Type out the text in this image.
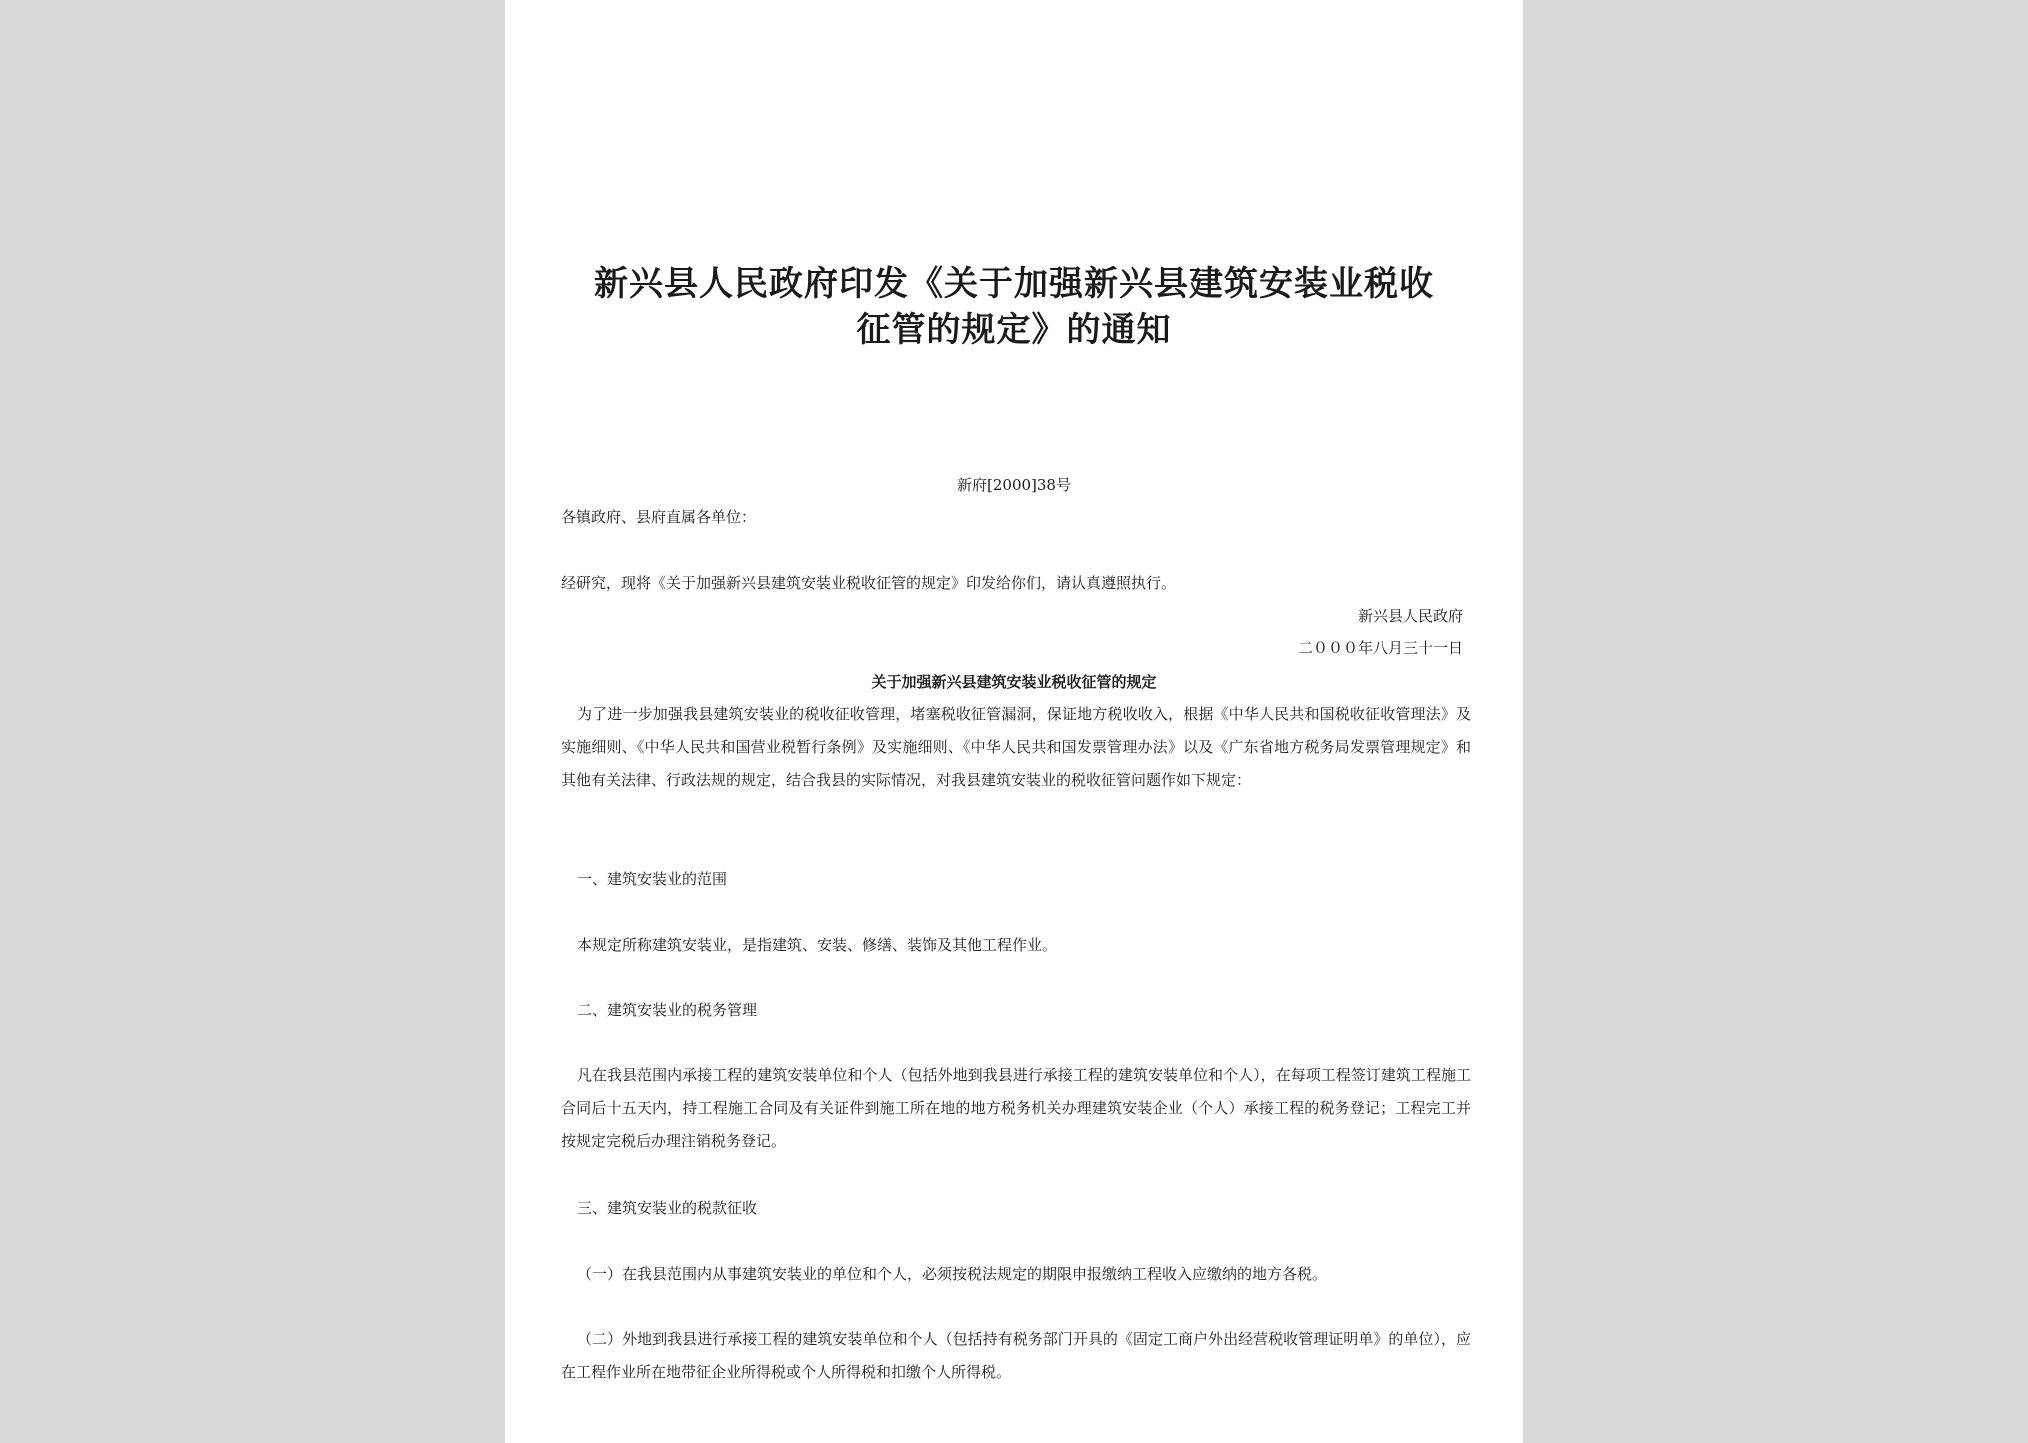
新兴县人民政府印发《关于加强新兴县建筑安装业税收
征管的规定》的通知
新府[2000]38号
各镇政府、县府直属各单位：
经研究，现将《关于加强新兴县建筑安装业税收征管的规定》印发给你们，请认真遵照执行。
新兴县人民政府
二０００年八月三十一日
关于加强新兴县建筑安装业税收征管的规定
为了进一步加强我县建筑安装业的税收征收管理，堵塞税收征管漏洞，保证地方税收收入，根据《中华人民共和国税收征收管理法》及实施细则、《中华人民共和国营业税暂行条例》及实施细则、《中华人民共和国发票管理办法》以及《广东省地方税务局发票管理规定》和其他有关法律、行政法规的规定，结合我县的实际情况，对我县建筑安装业的税收征管问题作如下规定：
一、建筑安装业的范围
本规定所称建筑安装业，是指建筑、安装、修缮、装饰及其他工程作业。
二、建筑安装业的税务管理
凡在我县范围内承接工程的建筑安装单位和个人（包括外地到我县进行承接工程的建筑安装单位和个人），在每项工程签订建筑工程施工合同后十五天内，持工程施工合同及有关证件到施工所在地的地方税务机关办理建筑安装企业（个人）承接工程的税务登记；工程完工并按规定完税后办理注销税务登记。
三、建筑安装业的税款征收
（一）在我县范围内从事建筑安装业的单位和个人，必须按税法规定的期限申报缴纳工程收入应缴纳的地方各税。
（二）外地到我县进行承接工程的建筑安装单位和个人（包括持有税务部门开具的《固定工商户外出经营税收管理证明单》的单位），应在工程作业所在地带征企业所得税或个人所得税和扣缴个人所得税。
